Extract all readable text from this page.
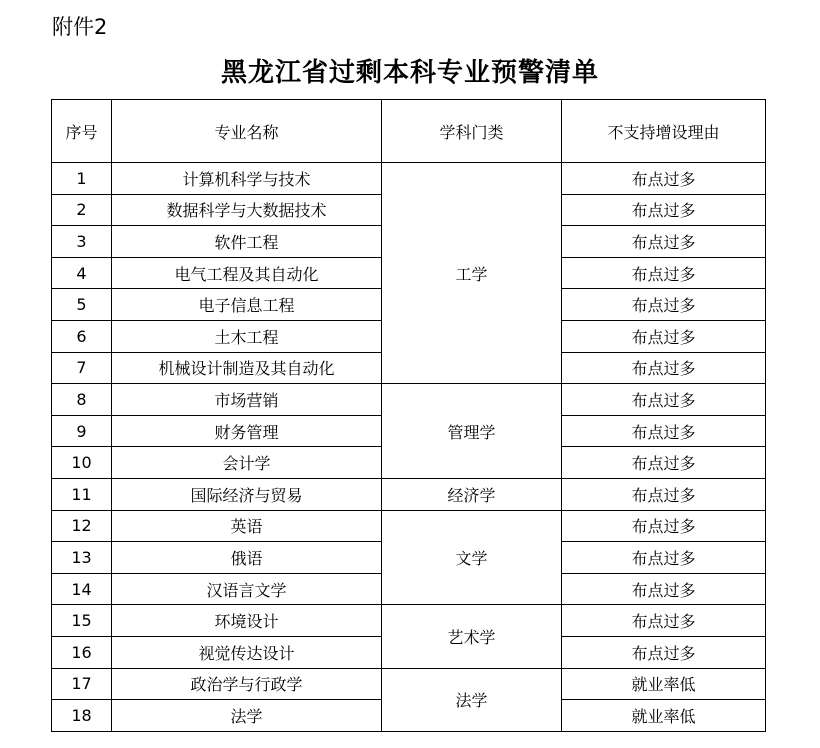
附件2
黑龙江省过剩本科专业预警清单
序号	专业名称	学科门类	不支持增设理由
1	计算机科学与技术	工学	布点过多
2	数据科学与大数据技术		布点过多
3	软件工程		布点过多
4	电气工程及其自动化		布点过多
5	电子信息工程		布点过多
6	土木工程		布点过多
7	机械设计制造及其自动化		布点过多
8	市场营销	管理学	布点过多
9	财务管理		布点过多
10	会计学		布点过多
11	国际经济与贸易	经济学	布点过多
12	英语	文学	布点过多
13	俄语		布点过多
14	汉语言文学		布点过多
15	环境设计	艺术学	布点过多
16	视觉传达设计		布点过多
17	政治学与行政学	法学	就业率低
18	法学		就业率低
